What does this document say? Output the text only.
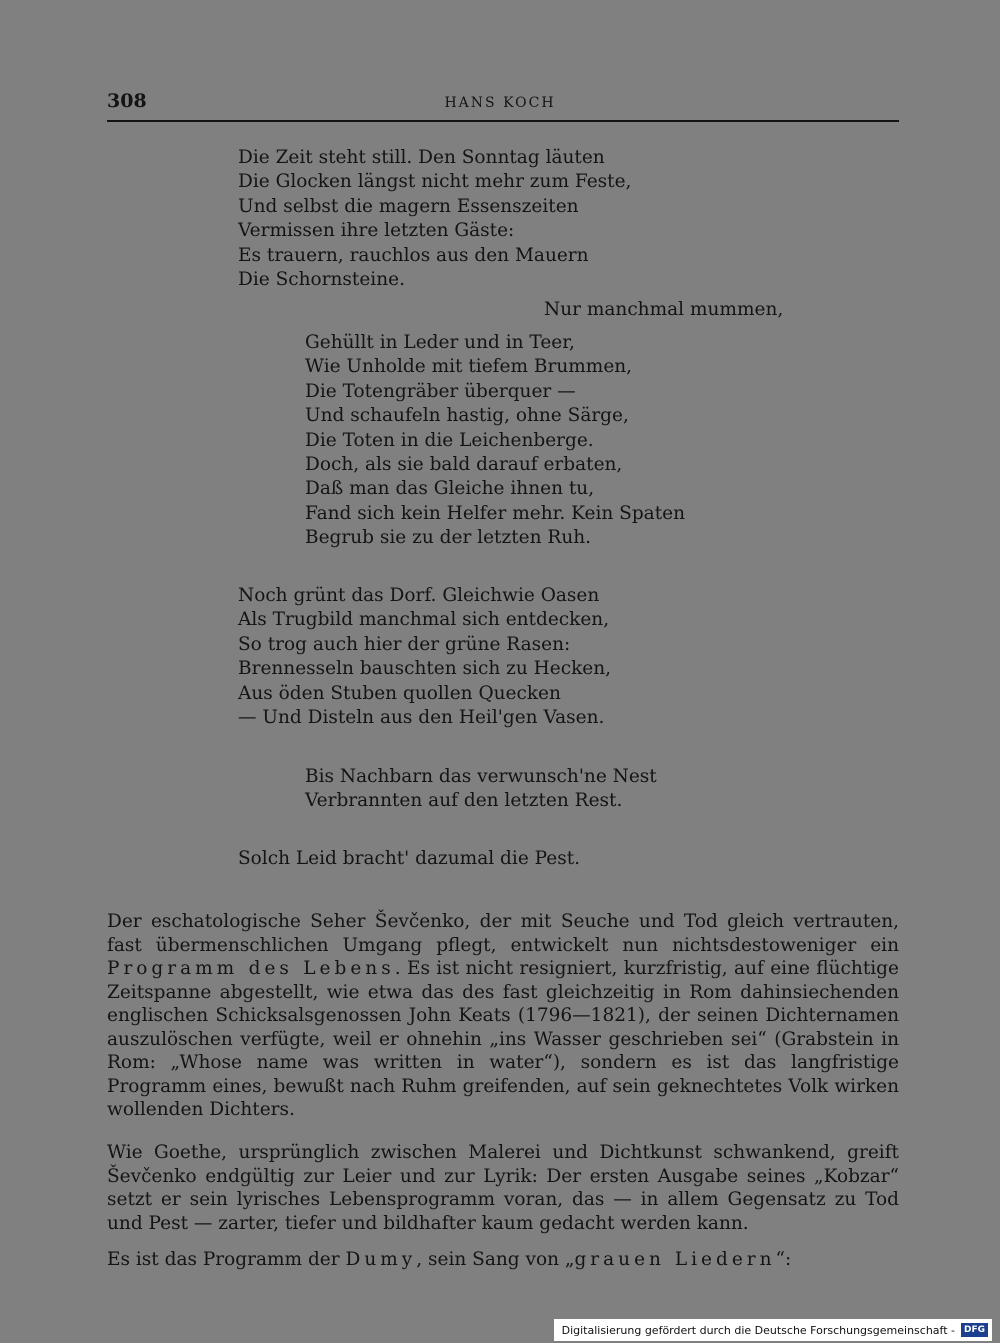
308	HANS KOCH
Die Zeit steht still. Den Sonntag läuten
Die Glocken längst nicht mehr zum Feste,
Und selbst die magern Essenszeiten
Vermissen ihre letzten Gäste:
Es trauern, rauchlos aus den Mauern
Die Schornsteine.
Nur manchmal mummen,
Gehüllt in Leder und in Teer,
Wie Unholde mit tiefem Brummen,
Die Totengräber überquer —
Und schaufeln hastig, ohne Särge,
Die Toten in die Leichenberge.
Doch, als sie bald darauf erbaten,
Daß man das Gleiche ihnen tu,
Fand sich kein Helfer mehr. Kein Spaten
Begrub sie zu der letzten Ruh.
Noch grünt das Dorf. Gleichwie Oasen
Als Trugbild manchmal sich entdecken,
So trog auch hier der grüne Rasen:
Brennesseln bauschten sich zu Hecken,
Aus öden Stuben quollen Quecken
— Und Disteln aus den Heil'gen Vasen.
Bis Nachbarn das verwunsch'ne Nest
Verbrannten auf den letzten Rest.
Solch Leid bracht' dazumal die Pest.

Der eschatologische Seher Ševčenko, der mit Seuche und Tod gleich vertrauten, fast übermenschlichen Umgang pflegt, entwickelt nun nichtsdestoweniger ein Programm des Lebens. Es ist nicht resigniert, kurzfristig, auf eine flüchtige Zeitspanne abgestellt, wie etwa das des fast gleichzeitig in Rom dahinsiechenden englischen Schicksalsgenossen John Keats (1796—1821), der seinen Dichternamen auszulöschen verfügte, weil er ohnehin „ins Wasser geschrieben sei“ (Grabstein in Rom: „Whose name was written in water“), sondern es ist das langfristige Programm eines, bewußt nach Ruhm greifenden, auf sein geknechtetes Volk wirken wollenden Dichters.

Wie Goethe, ursprünglich zwischen Malerei und Dichtkunst schwankend, greift Ševčenko endgültig zur Leier und zur Lyrik: Der ersten Ausgabe seines „Kobzar“ setzt er sein lyrisches Lebensprogramm voran, das — in allem Gegensatz zu Tod und Pest — zarter, tiefer und bildhafter kaum gedacht werden kann.

Es ist das Programm der Dumy, sein Sang von „grauen Liedern“:

Digitalisierung gefördert durch die Deutsche Forschungsgemeinschaft -	DFG
